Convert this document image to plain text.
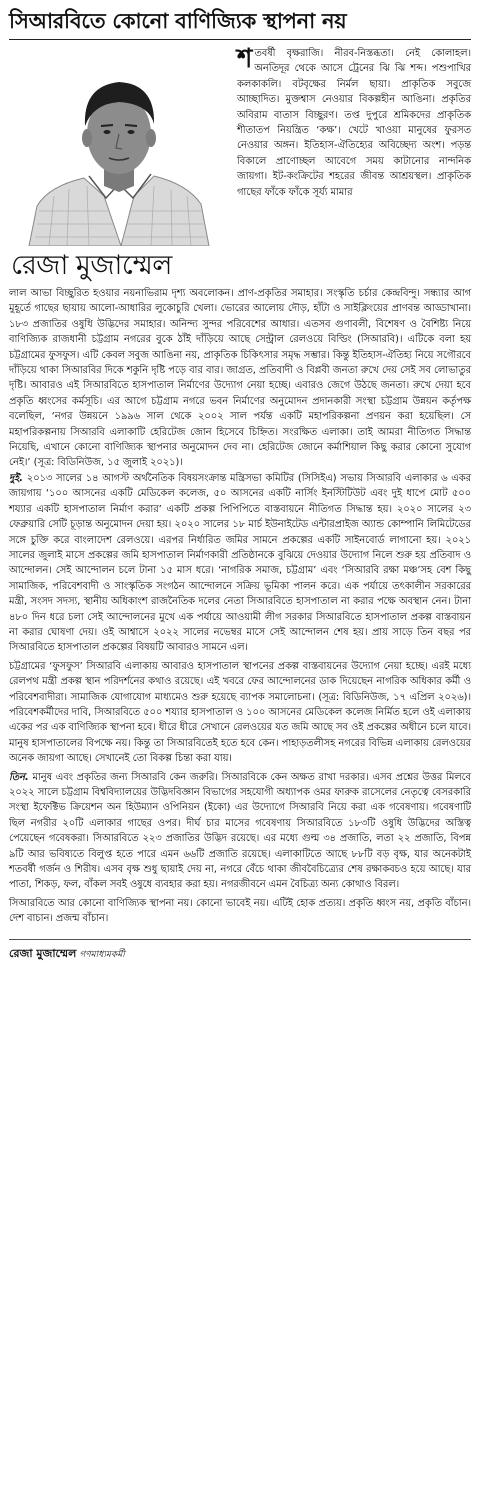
সিআরবিতে কোনো বাণিজ্যিক স্থাপনা নয়
রেজা মুজাম্মেল

শতবর্ষী বৃক্ষরাজি। নীরব-নিস্তব্ধতা। নেই কোলাহল। অনতিদূর থেকে আসে ট্রেনের ঝি ঝি শব্দ। পশুপাখির কলকাকলি। বটবৃক্ষের নির্মল ছায়া। প্রাকৃতিক সবুজে আচ্ছাদিত। মুক্তশ্বাস নেওয়ার বিকল্পহীন আঙিনা। প্রকৃতির অবিরাম বাতাস বিচ্ছুরণ। তপ্ত দুপুরে শ্রমিকদের প্রাকৃতিক শীতাতপ নিয়ন্ত্রিত ‘কক্ষ’। খেটে খাওয়া মানুষের ফুরসত নেওয়ার অঙ্গন। ইতিহাস-ঐতিহ্যের অবিচ্ছেদ্য অংশ। পড়ন্ত বিকালে প্রাণোচ্ছল আবেগে সময় কাটানোর নান্দনিক জায়গা। ইট-কংক্রিটের শহরের জীবন্ত আশ্রয়স্থল। প্রাকৃতিক গাছের ফাঁকে ফাঁকে সূর্য্য মামার

লাল আভা বিচ্ছুরিত হওয়ার নয়নাভিরাম দৃশ্য অবলোকন। প্রাণ-প্রকৃতির সমাহার। সংস্কৃতি চর্চার কেন্দ্রবিন্দু। সন্ধ্যার আগ মুহূর্তে গাছের ছায়ায় আলো-আধারির লুকোচুরি খেলা। ভোরের আলোয় দৌড়, হাঁটা ও সাইক্লিংয়ের প্রাণবন্ত আড্ডাখানা। ১৮৩ প্রজাতির ওষুধি উদ্ভিদের সমাহার। অনিন্দ্য সুন্দর পরিবেশের আধার। এতসব গুণাবলী, বিশেষণ ও বৈশিষ্ট্য নিয়ে বাণিজ্যিক রাজধানী চট্টগ্রাম নগরের বুকে ঠাঁই দাঁড়িয়ে আছে সেন্ট্রাল রেলওয়ে বিল্ডিং (সিআরবি)। এটিকে বলা হয় চট্টগ্রামের ফুসফুস। এটি কেবল সবুজ আঙিনা নয়, প্রাকৃতিক চিকিৎসার সমৃদ্ধ সম্ভার। কিন্তু ইতিহাস-ঐতিহ্য নিয়ে সগৌরবে দাঁড়িয়ে থাকা সিআরবির দিকে শকুনি দৃষ্টি পড়ে বার বার। জাগ্রত, প্রতিবাদী ও বিপ্লবী জনতা রুখে দেয় সেই সব লোভাতুর দৃষ্টি। আবারও এই সিআরবিতে হাসপাতাল নির্মাণের উদ্যোগ নেয়া হচ্ছে। এবারও জেগে উঠছে জনতা। রুখে দেয়া হবে প্রকৃতি ধ্বংসের কর্মসূচি। এর আগে চট্টগ্রাম নগরে ভবন নির্মাণের অনুমোদন প্রদানকারী সংস্থা চট্টগ্রাম উন্নয়ন কর্তৃপক্ষ বলেছিল, ‘নগর উন্নয়নে ১৯৯৬ সাল থেকে ২০০২ সাল পর্যন্ত একটি মহাপরিকল্পনা প্রণয়ন করা হয়েছিল। সে মহাপরিকল্পনায় সিআরবি এলাকাটি হেরিটেজ জোন হিসেবে চিহ্নিত। সংরক্ষিত এলাকা। তাই আমরা নীতিগত সিদ্ধান্ত নিয়েছি, এখানে কোনো বাণিজ্যিক স্থাপনার অনুমোদন দেব না। হেরিটেজ জোনে কর্মাশিয়াল কিছু করার কোনো সুযোগ নেই।’ (সূত্র: বিডিনিউজ, ১৫ জুলাই ২০২১)।

দুই. ২০১৩ সালের ১৪ আগস্ট অর্থনৈতিক বিষয়সংক্রান্ত মন্ত্রিসভা কমিটির (সিসিইএ) সভায় সিআরবি এলাকার ৬ একর জায়গায় ‘১০০ আসনের একটি মেডিকেল কলেজ, ৫০ আসনের একটি নার্সিং ইনস্টিটিউট এবং দুই ধাপে মোট ৫০০ শয্যার একটি হাসপাতাল নির্মাণ করার’ একটি প্রকল্প পিপিপিতে বাস্তবায়নে নীতিগত সিদ্ধান্ত হয়। ২০২০ সালের ২৩ ফেব্রুয়ারি সেটি চূড়ান্ত অনুমোদন দেয়া হয়। ২০২০ সালের ১৮ মার্চ ইউনাইটেড এন্টারপ্রাইজ অ্যান্ড কোম্পানি লিমিটেডের সঙ্গে চুক্তি করে বাংলাদেশ রেলওয়ে। এরপর নির্ধারিত জমির সামনে প্রকল্পের একটি সাইনবোর্ড লাগানো হয়। ২০২১ সালের জুলাই মাসে প্রকল্পের জমি হাসপাতাল নির্মাণকারী প্রতিষ্ঠানকে বুঝিয়ে দেওয়ার উদ্যোগ নিলে শুরু হয় প্রতিবাদ ও আন্দোলন। সেই আন্দোলন চলে টানা ১৫ মাস ধরে। ‘নাগরিক সমাজ, চট্টগ্রাম’ এবং ‘সিআরবি রক্ষা মঞ্চ’সহ বেশ কিছু সামাজিক, পরিবেশবাদী ও সাংস্কৃতিক সংগঠন আন্দোলনে সক্রিয় ভূমিকা পালন করে। এক পর্যায়ে তৎকালীন সরকারের মন্ত্রী, সংসদ সদস্য, স্থানীয় অধিকাংশ রাজনৈতিক দলের নেতা সিআরবিতে হাসপাতাল না করার পক্ষে অবস্থান নেন। টানা ৪৮০ দিন ধরে চলা সেই আন্দোলনের মুখে এক পর্যায়ে আওয়ামী লীগ সরকার সিআরবিতে হাসপাতাল প্রকল্প বাস্তবায়ন না করার ঘোষণা দেয়। ওই আশ্বাসে ২০২২ সালের নভেম্বর মাসে সেই আন্দোলন শেষ হয়। প্রায় সাড়ে তিন বছর পর সিআরবিতে হাসপাতাল প্রকল্পের বিষয়টি আবারও সামনে এল।

চট্টগ্রামের ‘ফুসফুস’ সিআরবি এলাকায় আবারও হাসপাতাল স্থাপনের প্রকল্প বাস্তবায়নের উদ্যোগ নেয়া হচ্ছে। এরই মধ্যে রেলপথ মন্ত্রী প্রকল্প স্থান পরিদর্শনের কথাও রয়েছে। এই খবরে ফের আন্দোলনের ডাক দিয়েছেন নাগরিক অধিকার কর্মী ও পরিবেশবাদীরা। সামাজিক যোগাযোগ মাধ্যমেও শুরু হয়েছে ব্যাপক সমালোচনা। (সূত্র: বিডিনিউজ, ১৭ এপ্রিল ২০২৬)। পরিবেশকর্মীদের দাবি, সিআরবিতে ৫০০ শয্যার হাসপাতাল ও ১০০ আসনের মেডিকেল কলেজ নির্মিত হলে ওই এলাকায় একের পর এক বাণিজ্যিক স্থাপনা হবে। ধীরে ধীরে সেখানে রেলওয়ের যত জমি আছে সব ওই প্রকল্পের অধীনে চলে যাবে। মানুষ হাসপাতালের বিপক্ষে নয়। কিন্তু তা সিআরবিতেই হতে হবে কেন। পাহাড়তলীসহ নগরের বিভিন্ন এলাকায় রেলওয়ের অনেক জায়গা আছে। সেখানেই তো বিকল্প চিন্তা করা যায়।

তিন. মানুষ এবং প্রকৃতির জন্য সিআরবি কেন জরুরি। সিআরবিকে কেন অক্ষত রাখা দরকার। এসব প্রশ্নের উত্তর মিলবে ২০২২ সালে চট্টগ্রাম বিশ্ববিদ্যালয়ের উদ্ভিদবিজ্ঞান বিভাগের সহযোগী অধ্যাপক ওমর ফারুক রাসেলের নেতৃত্বে বেসরকারি সংস্থা ইফেক্টিভ ক্রিয়েশন অন হিউম্যান ওপিনিয়ন (ইকো) এর উদ্যোগে সিআরবি নিয়ে করা এক গবেষণায়। গবেষণাটি ছিল নগরীর ২০টি এলাকার গাছের ওপর। দীর্ঘ চার মাসের গবেষণায় সিআরবিতে ১৮৩টি ওষুধি উদ্ভিদের অস্তিত্ব পেয়েছেন গবেষকরা। সিআরবিতে ২২৩ প্রজাতির উদ্ভিদ রয়েছে। এর মধ্যে গুল্ম ৩৪ প্রজাতি, লতা ২২ প্রজাতি, বিপন্ন ৯টি আর ভবিষ্যতে বিলুপ্ত হতে পারে এমন ৬৬টি প্রজাতি রয়েছে। এলাকাটিতে আছে ৮৮টি বড় বৃক্ষ, যার অনেকটাই শতবর্ষী গর্জন ও শিরীষ। এসব বৃক্ষ শুধু ছায়াই দেয় না, নগরে বেঁচে থাকা জীববৈচিত্র্যের শেষ রক্ষাকবচও হয়ে আছে। যার পাতা, শিকড়, ফল, বাঁকল সবই ওষুধে ব্যবহার করা হয়। নগরজীবনে এমন বৈচিত্র্য অন্য কোথাও বিরল।

সিআরবিতে আর কোনো বাণিজ্যিক স্থাপনা নয়। কোনো ভাবেই নয়। এটিই হোক প্রত্যয়। প্রকৃতি ধ্বংস নয়, প্রকৃতি বাঁচান। দেশ বাচান। প্রজন্ম বাঁচান।

রেজা মুজাম্মেল গণমাধ্যমকর্মী
